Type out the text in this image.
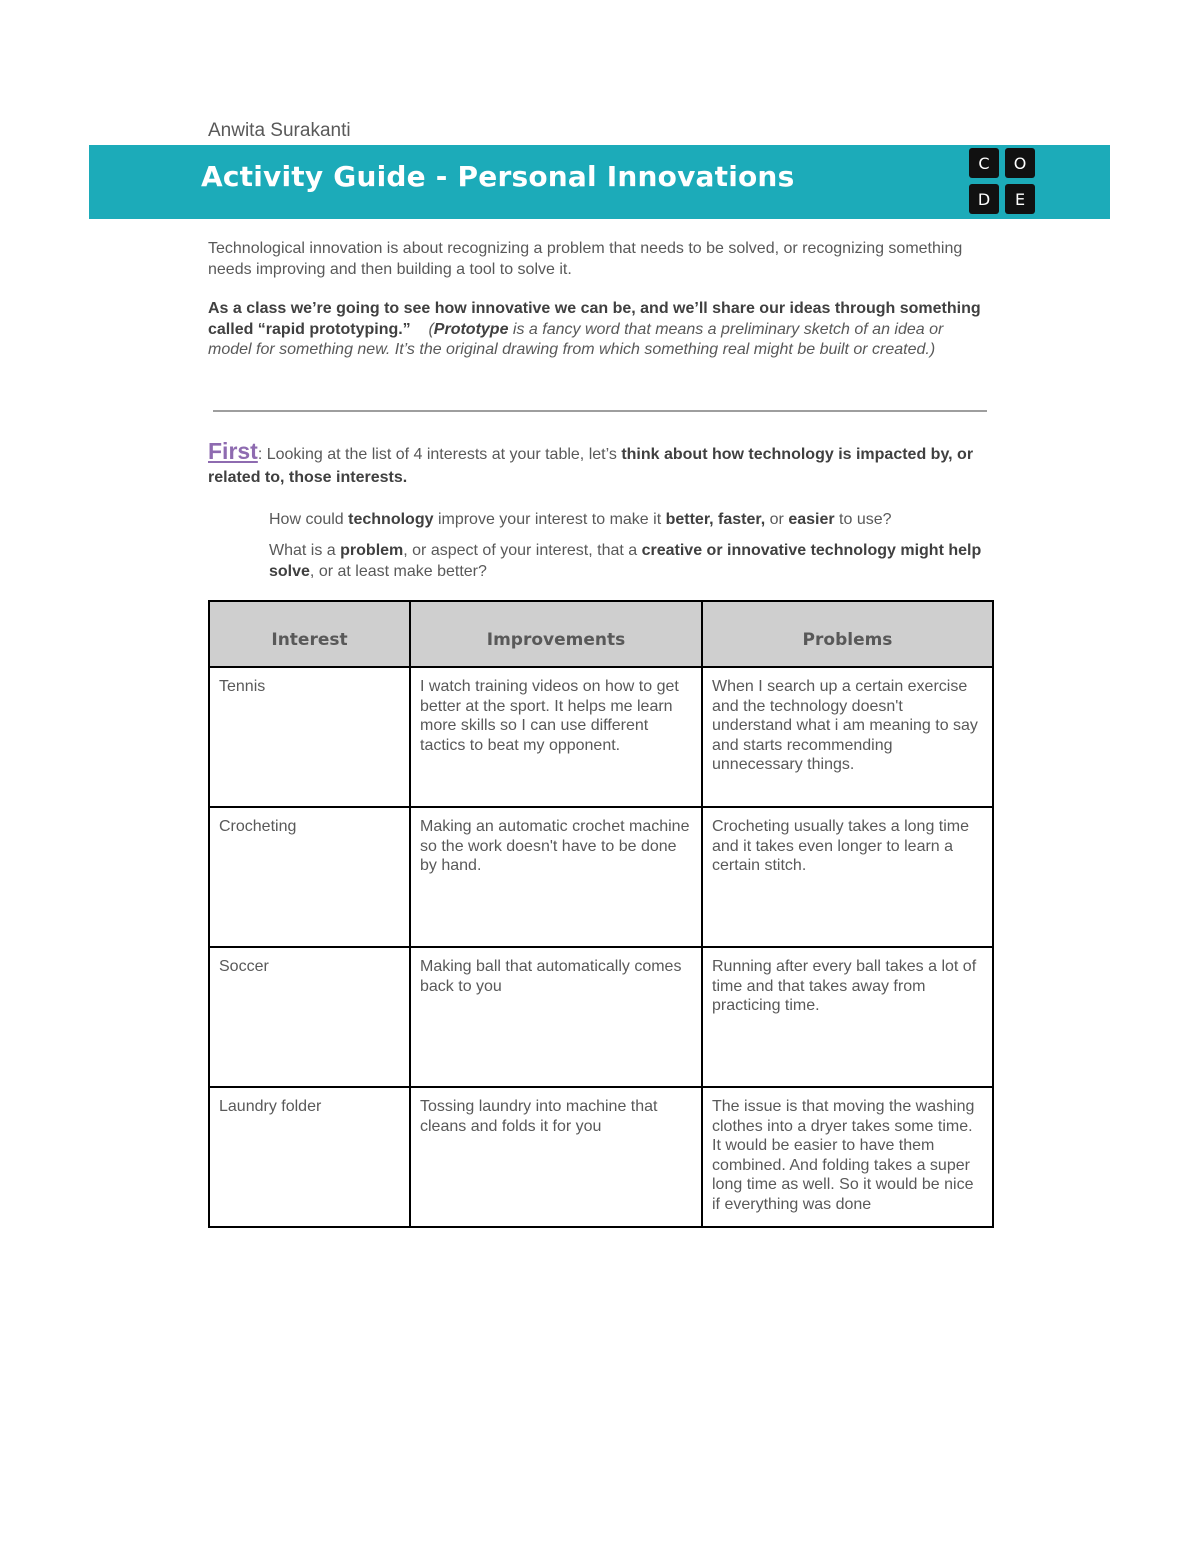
Anwita Surakanti
Activity Guide - Personal Innovations	C	O
D	E

Technological innovation is about recognizing a problem that needs to be solved, or recognizing something needs improving and then building a tool to solve it.

As a class we’re going to see how innovative we can be, and we’ll share our ideas through something called “rapid prototyping.” (Prototype is a fancy word that means a preliminary sketch of an idea or model for something new. It’s the original drawing from which something real might be built or created.)

First: Looking at the list of 4 interests at your table, let’s think about how technology is impacted by, or related to, those interests.

How could technology improve your interest to make it better, faster, or easier to use?

What is a problem, or aspect of your interest, that a creative or innovative technology might help solve, or at least make better?

Interest	Improvements	Problems
Tennis	I watch training videos on how to get better at the sport. It helps me learn more skills so I can use different tactics to beat my opponent.	When I search up a certain exercise and the technology doesn't understand what i am meaning to say and starts recommending unnecessary things.
Crocheting	Making an automatic crochet machine so the work doesn't have to be done by hand.	Crocheting usually takes a long time and it takes even longer to learn a certain stitch.
Soccer	Making ball that automatically comes back to you	Running after every ball takes a lot of time and that takes away from practicing time.
Laundry folder	Tossing laundry into machine that cleans and folds it for you	The issue is that moving the washing clothes into a dryer takes some time. It would be easier to have them combined. And folding takes a super long time as well. So it would be nice if everything was done
